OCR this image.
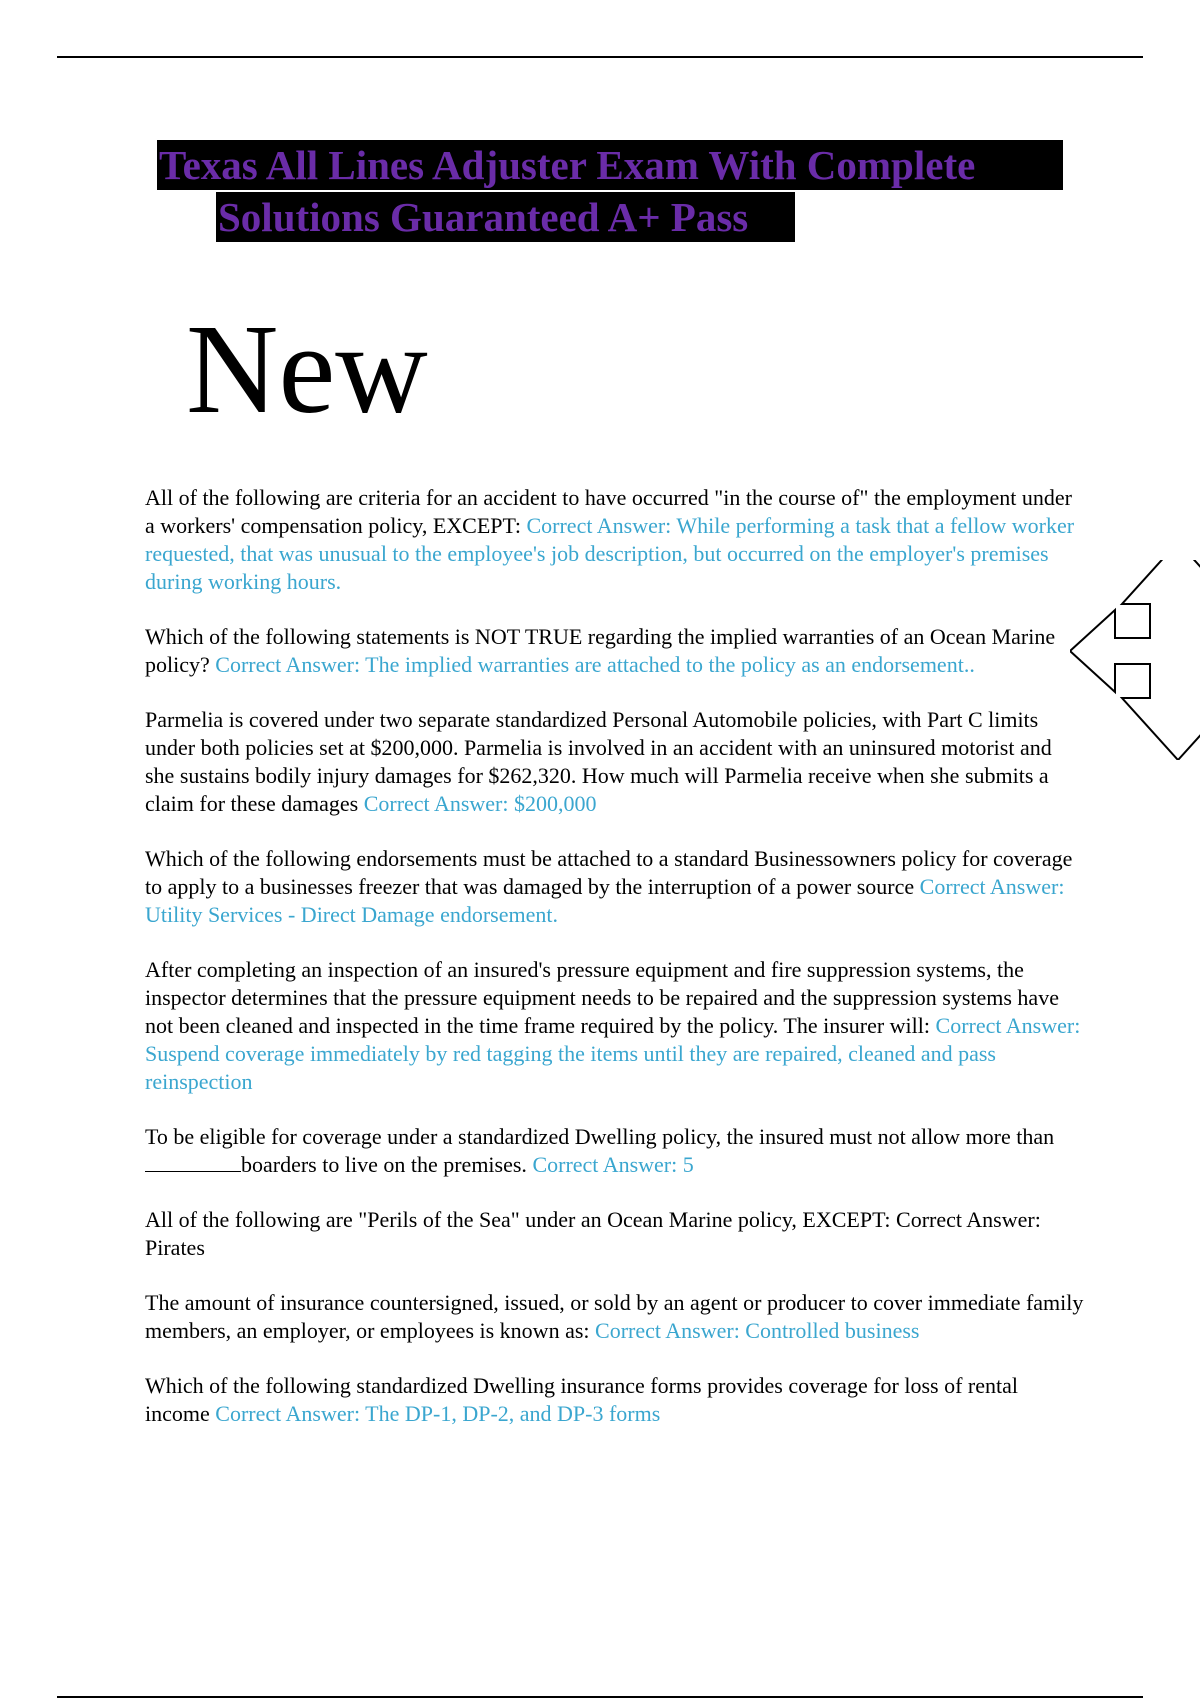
Texas All Lines Adjuster Exam With Complete
Solutions Guaranteed A+ Pass
New

All of the following are criteria for an accident to have occurred "in the course of" the employment under a workers' compensation policy, EXCEPT: Correct Answer: While performing a task that a fellow worker requested, that was unusual to the employee's job description, but occurred on the employer's premises during working hours.

Which of the following statements is NOT TRUE regarding the implied warranties of an Ocean Marine policy? Correct Answer: The implied warranties are attached to the policy as an endorsement..

Parmelia is covered under two separate standardized Personal Automobile policies, with Part C limits under both policies set at $200,000. Parmelia is involved in an accident with an uninsured motorist and she sustains bodily injury damages for $262,320. How much will Parmelia receive when she submits a claim for these damages Correct Answer: $200,000

Which of the following endorsements must be attached to a standard Businessowners policy for coverage to apply to a businesses freezer that was damaged by the interruption of a power source Correct Answer: Utility Services - Direct Damage endorsement.

After completing an inspection of an insured's pressure equipment and fire suppression systems, the inspector determines that the pressure equipment needs to be repaired and the suppression systems have not been cleaned and inspected in the time frame required by the policy. The insurer will: Correct Answer: Suspend coverage immediately by red tagging the items until they are repaired, cleaned and pass reinspection

To be eligible for coverage under a standardized Dwelling policy, the insured must not allow more thanboarders to live on the premises. Correct Answer: 5

All of the following are "Perils of the Sea" under an Ocean Marine policy, EXCEPT: Correct Answer: Pirates

The amount of insurance countersigned, issued, or sold by an agent or producer to cover immediate family members, an employer, or employees is known as: Correct Answer: Controlled business

Which of the following standardized Dwelling insurance forms provides coverage for loss of rental income Correct Answer: The DP-1, DP-2, and DP-3 forms
